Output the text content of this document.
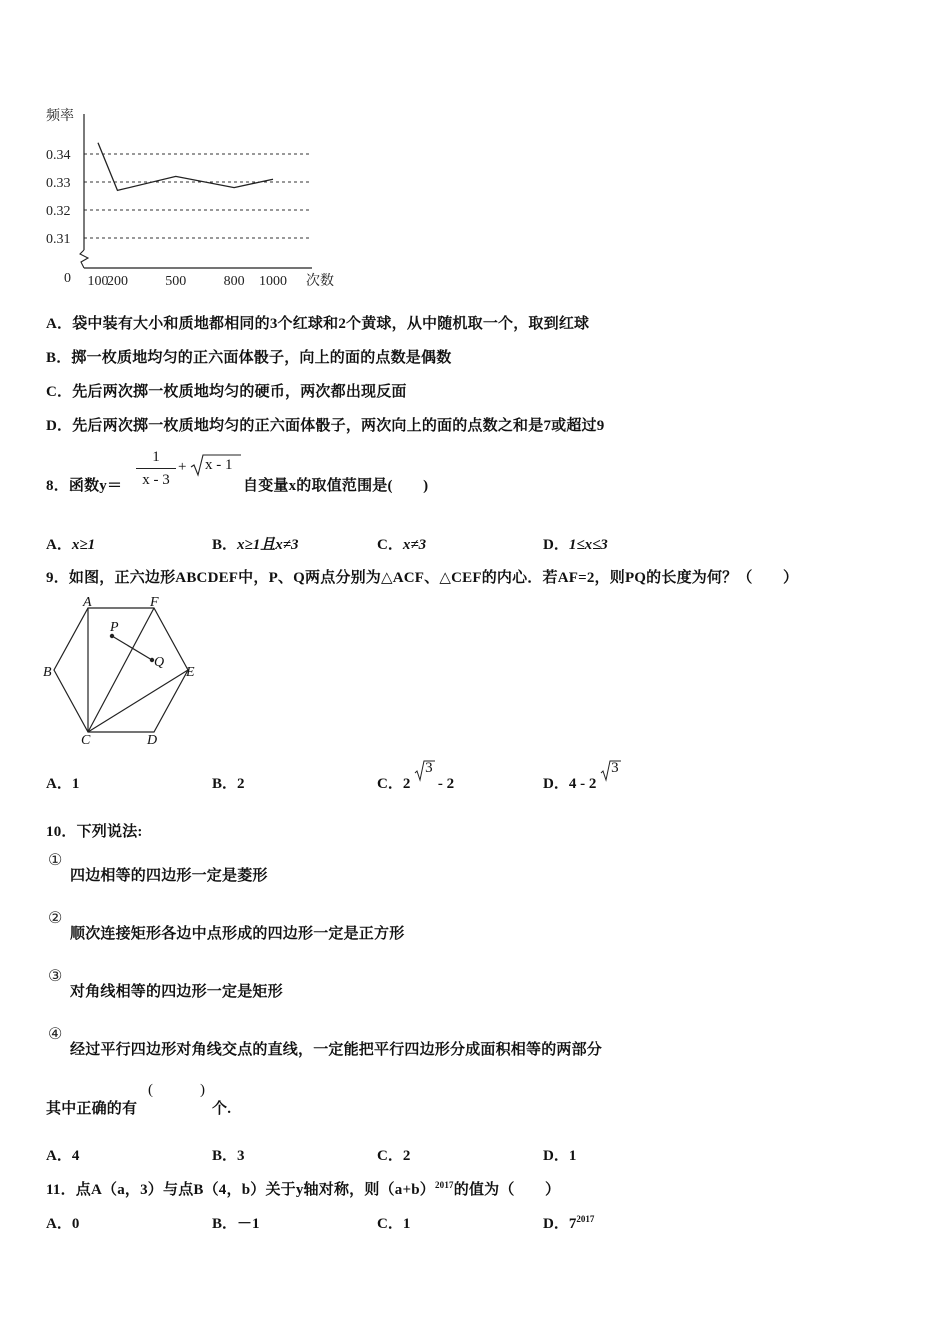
频率
次数
0
0.34
0.33
0.32
0.31
100
200	500	800 1000
A．袋中装有大小和质地都相同的3个红球和2个黄球，从中随机取一个，取到红球
B．掷一枚质地均匀的正六面体骰子，向上的面的点数是偶数
C．先后两次掷一枚质地均匀的硬币，两次都出现反面
D．先后两次掷一枚质地均匀的正六面体骰子，两次向上的面的点数之和是7或超过9
8．函数y＝
1
x - 3
+ x - 1
自变量x的取值范围是(　　)
A．x≥1	B．x≥1且x≠3	C．x≠3	D．1≤x≤3
9．如图，正六边形ABCDEF中，P、Q两点分别为△ACF、△CEF的内心．若AF=2，则PQ的长度为何？（　　）
A	F
B	E
C	D
P
Q
A．1	B．2	C．2
3
- 2	D．4 - 2
3
10．下列说法:
①
四边相等的四边形一定是菱形
②
顺次连接矩形各边中点形成的四边形一定是正方形
③
对角线相等的四边形一定是矩形
④
经过平行四边形对角线交点的直线，一定能把平行四边形分成面积相等的两部分
其中正确的有
(	)
个.
A．4	B．3	C．2	D．1
11．点A（a，3）与点B（4，b）关于y轴对称，则$(a+b)^{2017}$的值为（　　）
A．0	B．－1	C．1	D．$7^{2017}$
